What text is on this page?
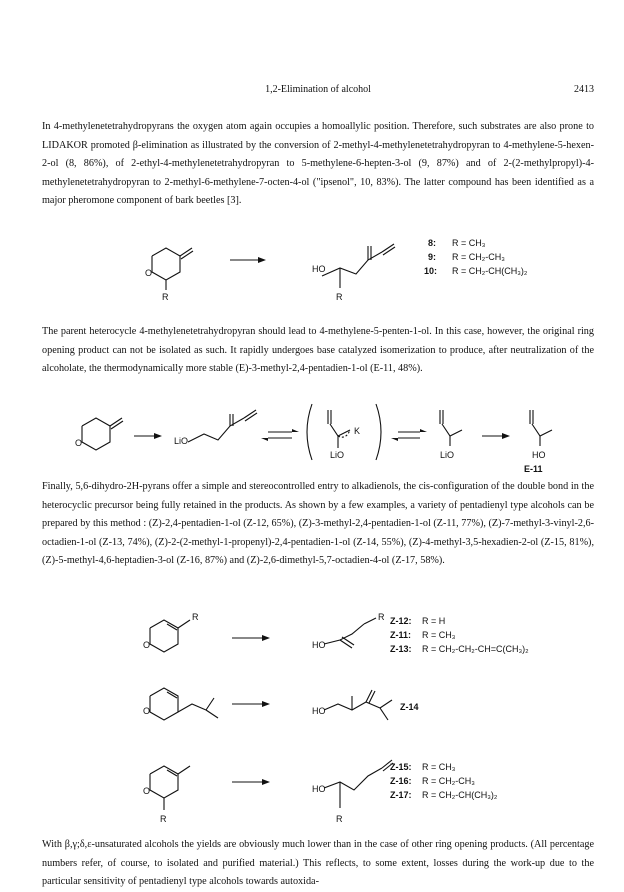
1,2-Elimination of alcohol	2413

In 4-methylenetetrahydropyrans the oxygen atom again occupies a homoallylic position. Therefore, such substrates are also prone to LIDAKOR promoted β-elimination as illustrated by the conversion of 2-methyl-4-methylenetetrahydropyran to 4-methylene-5-hexen-2-ol (8, 86%), of 2-ethyl-4-methylenetetrahydropyran to 5-methylene-6-hepten-3-ol (9, 87%) and of 2-(2-methylpropyl)-4-methylenetetrahydropyran to 2-methyl-6-methylene-7-octen-4-ol ("ipsenol", 10, 83%). The latter compound has been identified as a major pheromone component of bark beetles [3].

O
R
HO
R
8: R = CH₃
9: R = CH₂-CH₃
10: R = CH₂-CH(CH₃)₂

The parent heterocycle 4-methylenetetrahydropyran should lead to 4-methylene-5-penten-1-ol. In this case, however, the original ring opening product can not be isolated as such. It rapidly undergoes base catalyzed isomerization to produce, after neutralization of the alcoholate, the thermodynamically more stable (E)-3-methyl-2,4-pentadien-1-ol (E-11, 48%).

O	LiO
K
LiO	LiO	HO
E-11

Finally, 5,6-dihydro-2H-pyrans offer a simple and stereocontrolled entry to alkadienols, the cis-configuration of the double bond in the heterocyclic precursor being fully retained in the products. As shown by a few examples, a variety of pentadienyl type alcohols can be prepared by this method : (Z)-2,4-pentadien-1-ol (Z-12, 65%), (Z)-3-methyl-2,4-pentadien-1-ol (Z-11, 77%), (Z)-7-methyl-3-vinyl-2,6-octadien-1-ol (Z-13, 74%), (Z)-2-(2-methyl-1-propenyl)-2,4-pentadien-1-ol (Z-14, 55%), (Z)-4-methyl-3,5-hexadien-2-ol (Z-15, 81%), (Z)-5-methyl-4,6-heptadien-3-ol (Z-16, 87%) and (Z)-2,6-dimethyl-5,7-octadien-4-ol (Z-17, 58%).

O
R
HO
R Z-12: R = H
Z-11: R = CH₃
Z-13: R = CH₂-CH₂-CH=C(CH₃)₂
O	HO	Z-14
O
R
HO
R
Z-15: R = CH₃
Z-16: R = CH₂-CH₃
Z-17: R = CH₂-CH(CH₃)₂

With β,γ;δ,ε-unsaturated alcohols the yields are obviously much lower than in the case of other ring opening products. (All percentage numbers refer, of course, to isolated and purified material.) This reflects, to some extent, losses during the work-up due to the particular sensitivity of pentadienyl type alcohols towards autoxida-
